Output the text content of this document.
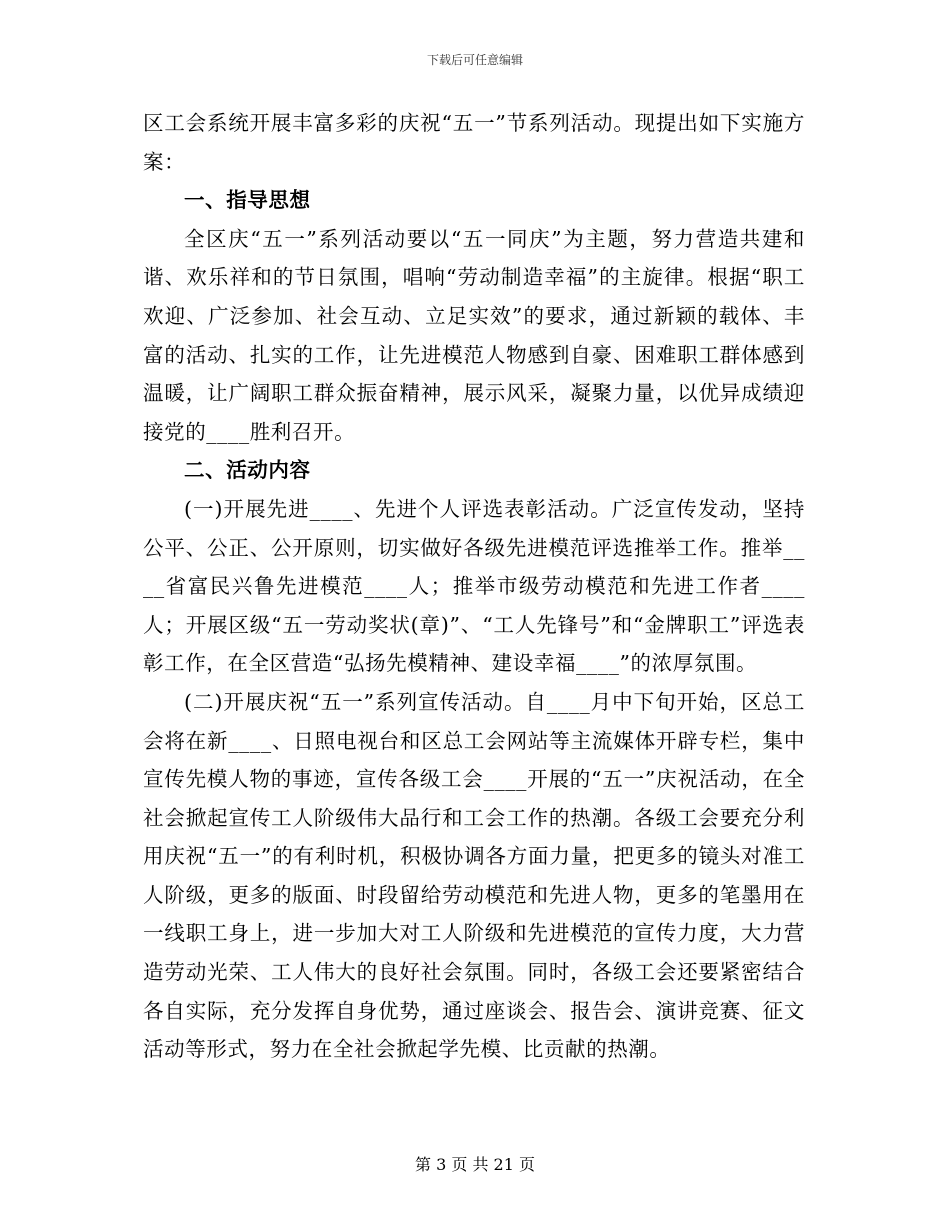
下载后可任意编辑

区工会系统开展丰富多彩的庆祝“五一”节系列活动。现提出如下实施方案：

一、指导思想

全区庆“五一”系列活动要以“五一同庆”为主题，努力营造共建和谐、欢乐祥和的节日氛围，唱响“劳动制造幸福”的主旋律。根据“职工欢迎、广泛参加、社会互动、立足实效”的要求，通过新颖的载体、丰富的活动、扎实的工作，让先进模范人物感到自豪、困难职工群体感到温暖，让广阔职工群众振奋精神，展示风采，凝聚力量，以优异成绩迎接党的____胜利召开。

二、活动内容

(一)开展先进____、先进个人评选表彰活动。广泛宣传发动，坚持公平、公正、公开原则，切实做好各级先进模范评选推举工作。推举____省富民兴鲁先进模范____人；推举市级劳动模范和先进工作者____人；开展区级“五一劳动奖状(章)”、“工人先锋号”和“金牌职工”评选表彰工作，在全区营造“弘扬先模精神、建设幸福____”的浓厚氛围。

(二)开展庆祝“五一”系列宣传活动。自____月中下旬开始，区总工会将在新____、日照电视台和区总工会网站等主流媒体开辟专栏，集中宣传先模人物的事迹，宣传各级工会____开展的“五一”庆祝活动，在全社会掀起宣传工人阶级伟大品行和工会工作的热潮。各级工会要充分利用庆祝“五一”的有利时机，积极协调各方面力量，把更多的镜头对准工人阶级，更多的版面、时段留给劳动模范和先进人物，更多的笔墨用在一线职工身上，进一步加大对工人阶级和先进模范的宣传力度，大力营造劳动光荣、工人伟大的良好社会氛围。同时，各级工会还要紧密结合各自实际，充分发挥自身优势，通过座谈会、报告会、演讲竞赛、征文活动等形式，努力在全社会掀起学先模、比贡献的热潮。

第 3 页 共 21 页
